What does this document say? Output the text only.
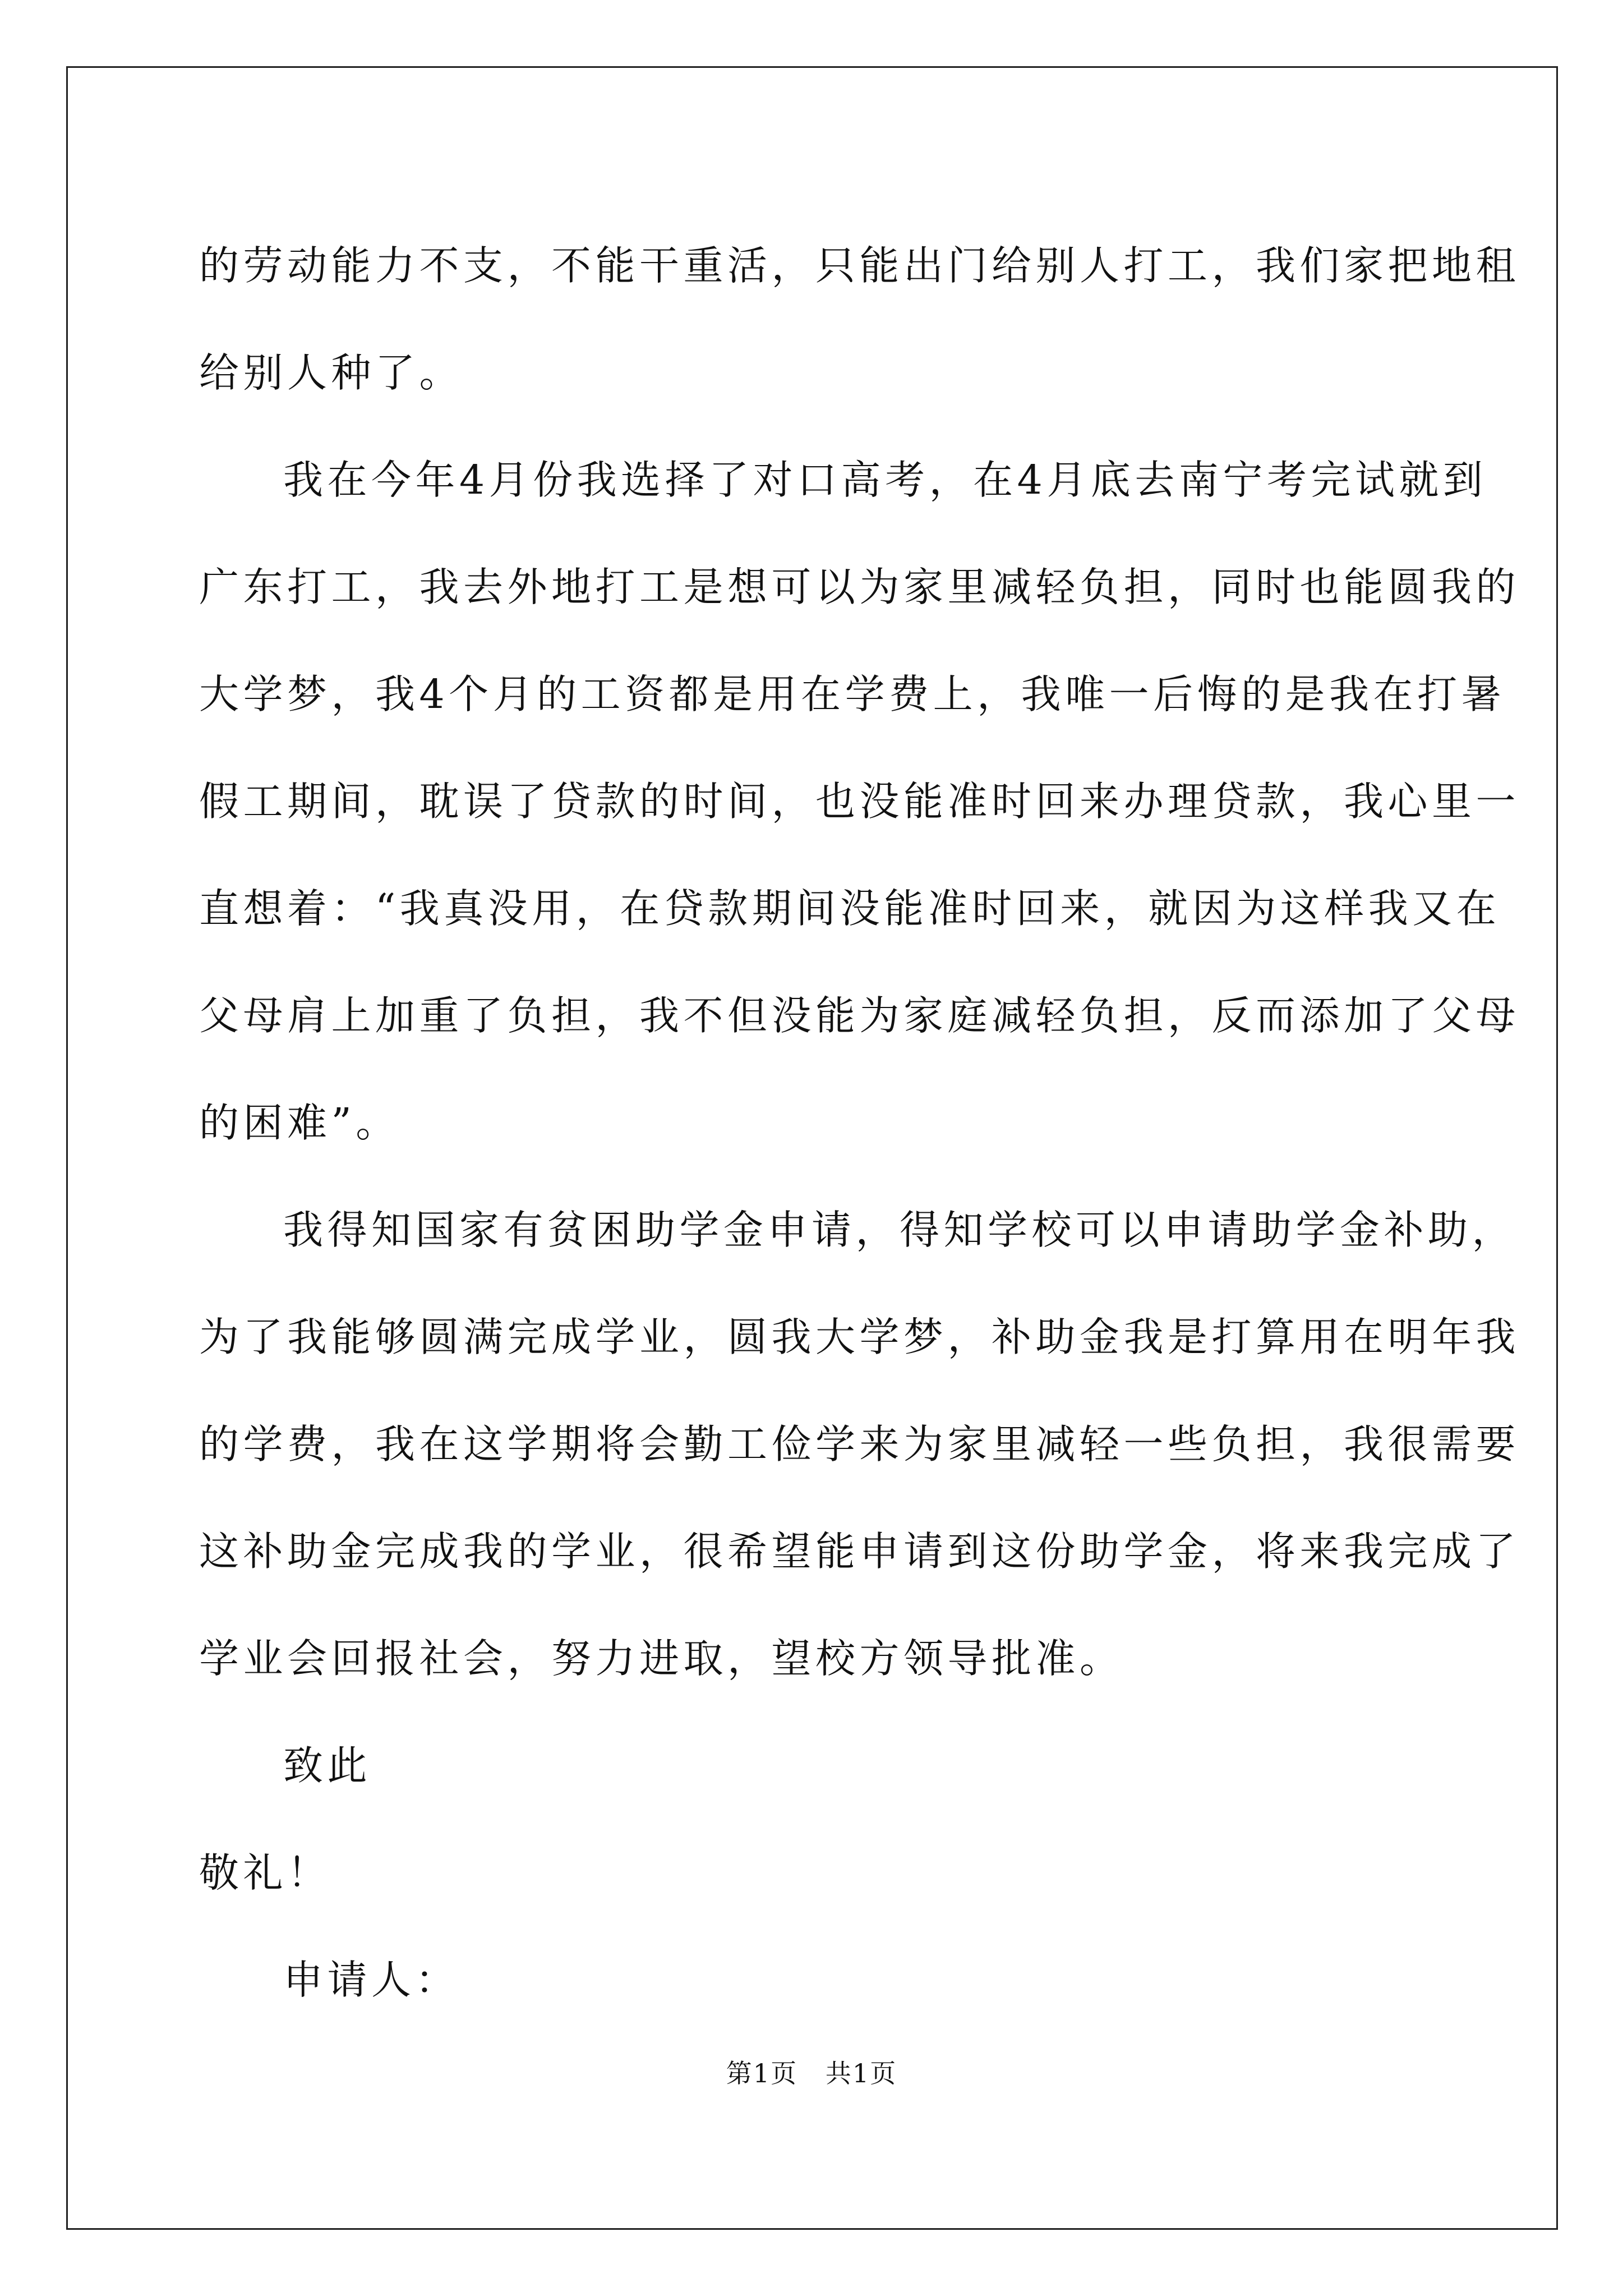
的劳动能力不支，不能干重活，只能出门给别人打工，我们家把地租

给别人种了。

我在今年4月份我选择了对口高考，在4月底去南宁考完试就到

广东打工，我去外地打工是想可以为家里减轻负担，同时也能圆我的

大学梦，我4个月的工资都是用在学费上，我唯一后悔的是我在打暑

假工期间，耽误了贷款的时间，也没能准时回来办理贷款，我心里一

直想着：“我真没用，在贷款期间没能准时回来，就因为这样我又在

父母肩上加重了负担，我不但没能为家庭减轻负担，反而添加了父母

的困难”。

我得知国家有贫困助学金申请，得知学校可以申请助学金补助，

为了我能够圆满完成学业，圆我大学梦，补助金我是打算用在明年我

的学费，我在这学期将会勤工俭学来为家里减轻一些负担，我很需要

这补助金完成我的学业，很希望能申请到这份助学金，将来我完成了

学业会回报社会，努力进取，望校方领导批准。

致此

敬礼！

申请人：

第1页   共1页
